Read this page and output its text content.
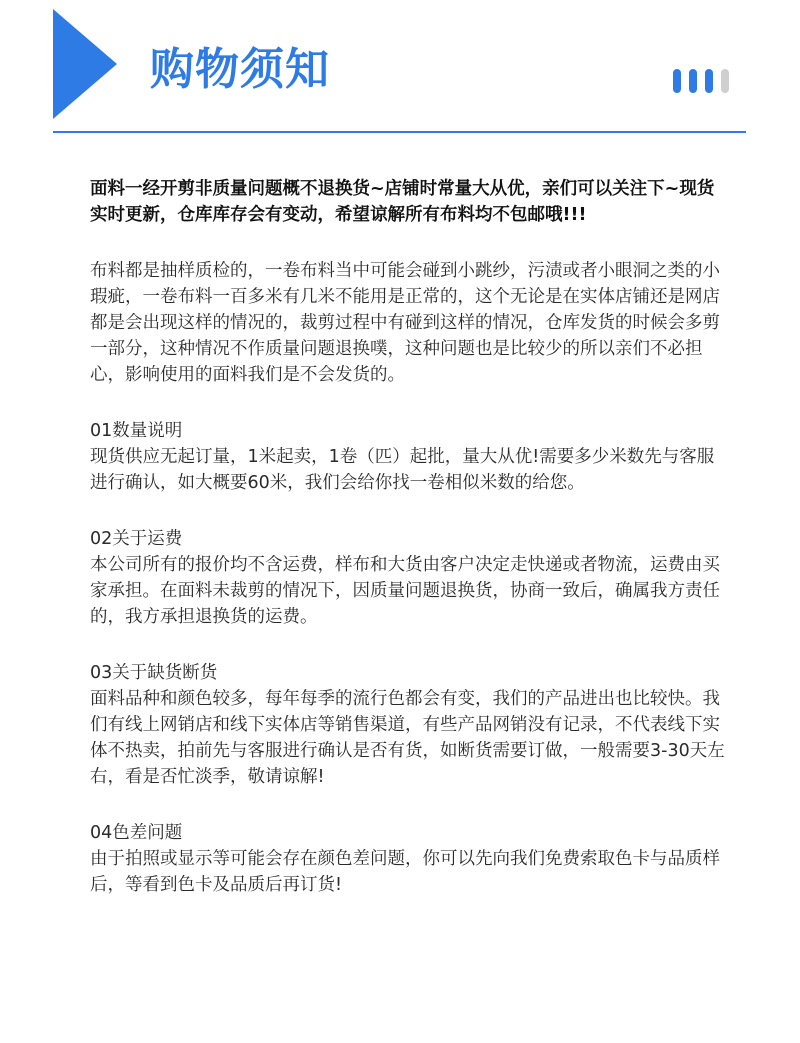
购物须知

面料一经开剪非质量问题概不退换货~店铺时常量大从优，亲们可以关注下~现货实时更新，仓库库存会有变动，希望谅解所有布料均不包邮哦!!!

布料都是抽样质检的，一卷布料当中可能会碰到小跳纱，污渍或者小眼洞之类的小瑕疵，一卷布料一百多米有几米不能用是正常的，这个无论是在实体店铺还是网店都是会出现这样的情况的，裁剪过程中有碰到这样的情况，仓库发货的时候会多剪一部分，这种情况不作质量问题退换噗，这种问题也是比较少的所以亲们不必担心，影响使用的面料我们是不会发货的。

01数量说明

现货供应无起订量，1米起卖，1卷（匹）起批，量大从优!需要多少米数先与客服进行确认，如大概要60米，我们会给你找一卷相似米数的给您。

02关于运费

本公司所有的报价均不含运费，样布和大货由客户决定走快递或者物流，运费由买家承担。在面料未裁剪的情况下，因质量问题退换货，协商一致后，确属我方责任的，我方承担退换货的运费。

03关于缺货断货

面料品种和颜色较多，每年每季的流行色都会有变，我们的产品进出也比较快。我们有线上网销店和线下实体店等销售渠道，有些产品网销没有记录，不代表线下实体不热卖，拍前先与客服进行确认是否有货，如断货需要订做，一般需要3-30天左右，看是否忙淡季，敬请谅解!

04色差问题

由于拍照或显示等可能会存在颜色差问题，你可以先向我们免费索取色卡与品质样后，等看到色卡及品质后再订货!
